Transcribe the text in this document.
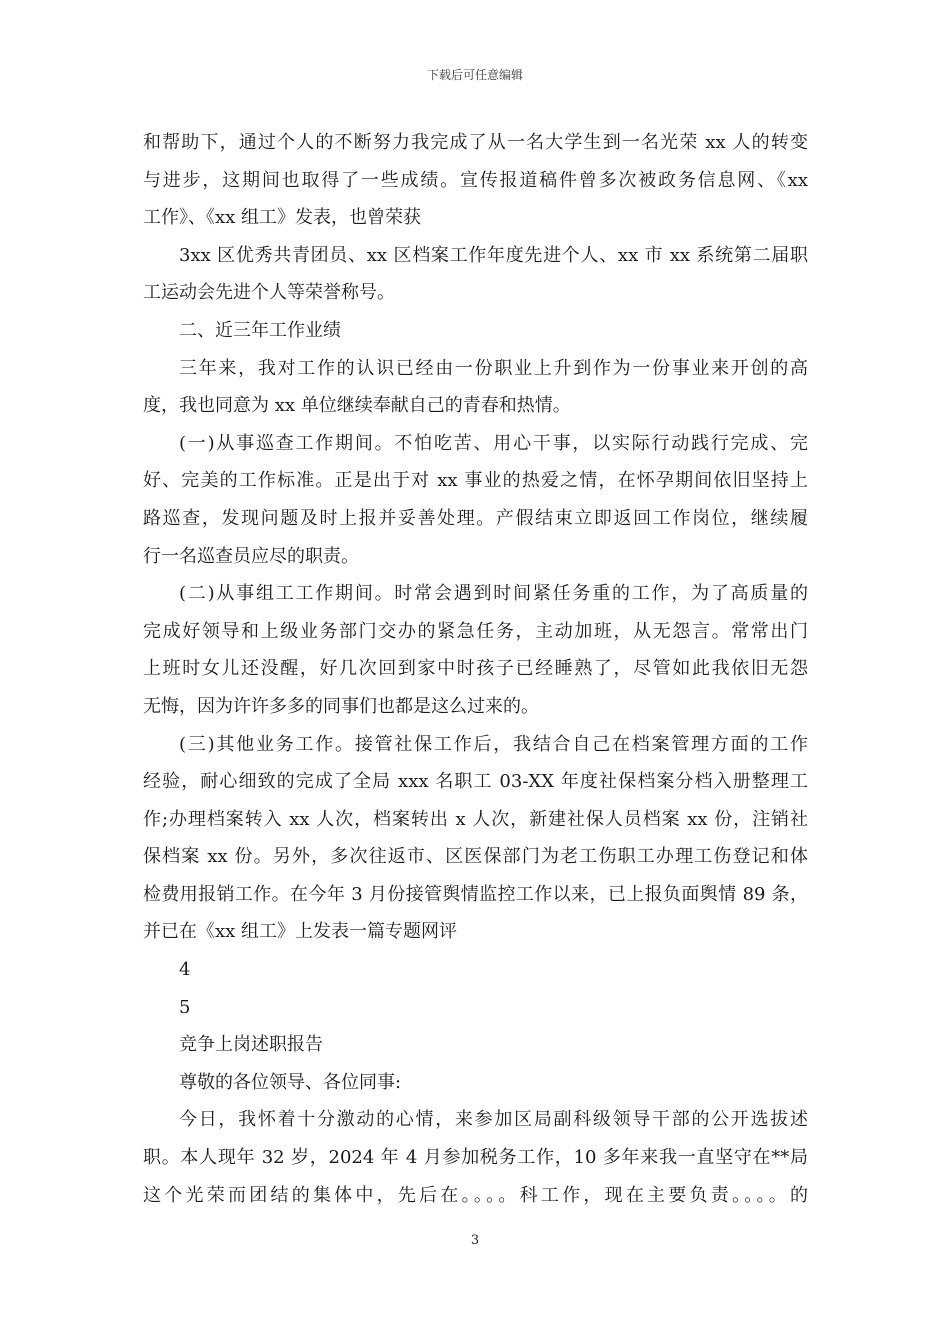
下载后可任意编辑
和帮助下，通过个人的不断努力我完成了从一名大学生到一名光荣 xx 人的转变
与进步，这期间也取得了一些成绩。宣传报道稿件曾多次被政务信息网、《xx
工作》、《xx 组工》发表，也曾荣获
3xx 区优秀共青团员、xx 区档案工作年度先进个人、xx 市 xx 系统第二届职
工运动会先进个人等荣誉称号。
二、近三年工作业绩
三年来，我对工作的认识已经由一份职业上升到作为一份事业来开创的高
度，我也同意为 xx 单位继续奉献自己的青春和热情。
(一)从事巡查工作期间。不怕吃苦、用心干事，以实际行动践行完成、完
好、完美的工作标准。正是出于对 xx 事业的热爱之情，在怀孕期间依旧坚持上
路巡查，发现问题及时上报并妥善处理。产假结束立即返回工作岗位，继续履
行一名巡查员应尽的职责。
(二)从事组工工作期间。时常会遇到时间紧任务重的工作，为了高质量的
完成好领导和上级业务部门交办的紧急任务，主动加班，从无怨言。常常出门
上班时女儿还没醒，好几次回到家中时孩子已经睡熟了，尽管如此我依旧无怨
无悔，因为许许多多的同事们也都是这么过来的。
(三)其他业务工作。接管社保工作后，我结合自己在档案管理方面的工作
经验，耐心细致的完成了全局 xxx 名职工 03-XX 年度社保档案分档入册整理工
作;办理档案转入 xx 人次，档案转出 x 人次，新建社保人员档案 xx 份，注销社
保档案 xx 份。另外，多次往返市、区医保部门为老工伤职工办理工伤登记和体
检费用报销工作。在今年 3 月份接管舆情监控工作以来，已上报负面舆情 89 条，
并已在《xx 组工》上发表一篇专题网评
4
5
竞争上岗述职报告
尊敬的各位领导、各位同事:
今日，我怀着十分激动的心情，来参加区局副科级领导干部的公开选拔述
职。本人现年 32 岁，2024 年 4 月参加税务工作，10 多年来我一直坚守在**局
这个光荣而团结的集体中，先后在。。。。科工作，现在主要负责。。。。的
3
